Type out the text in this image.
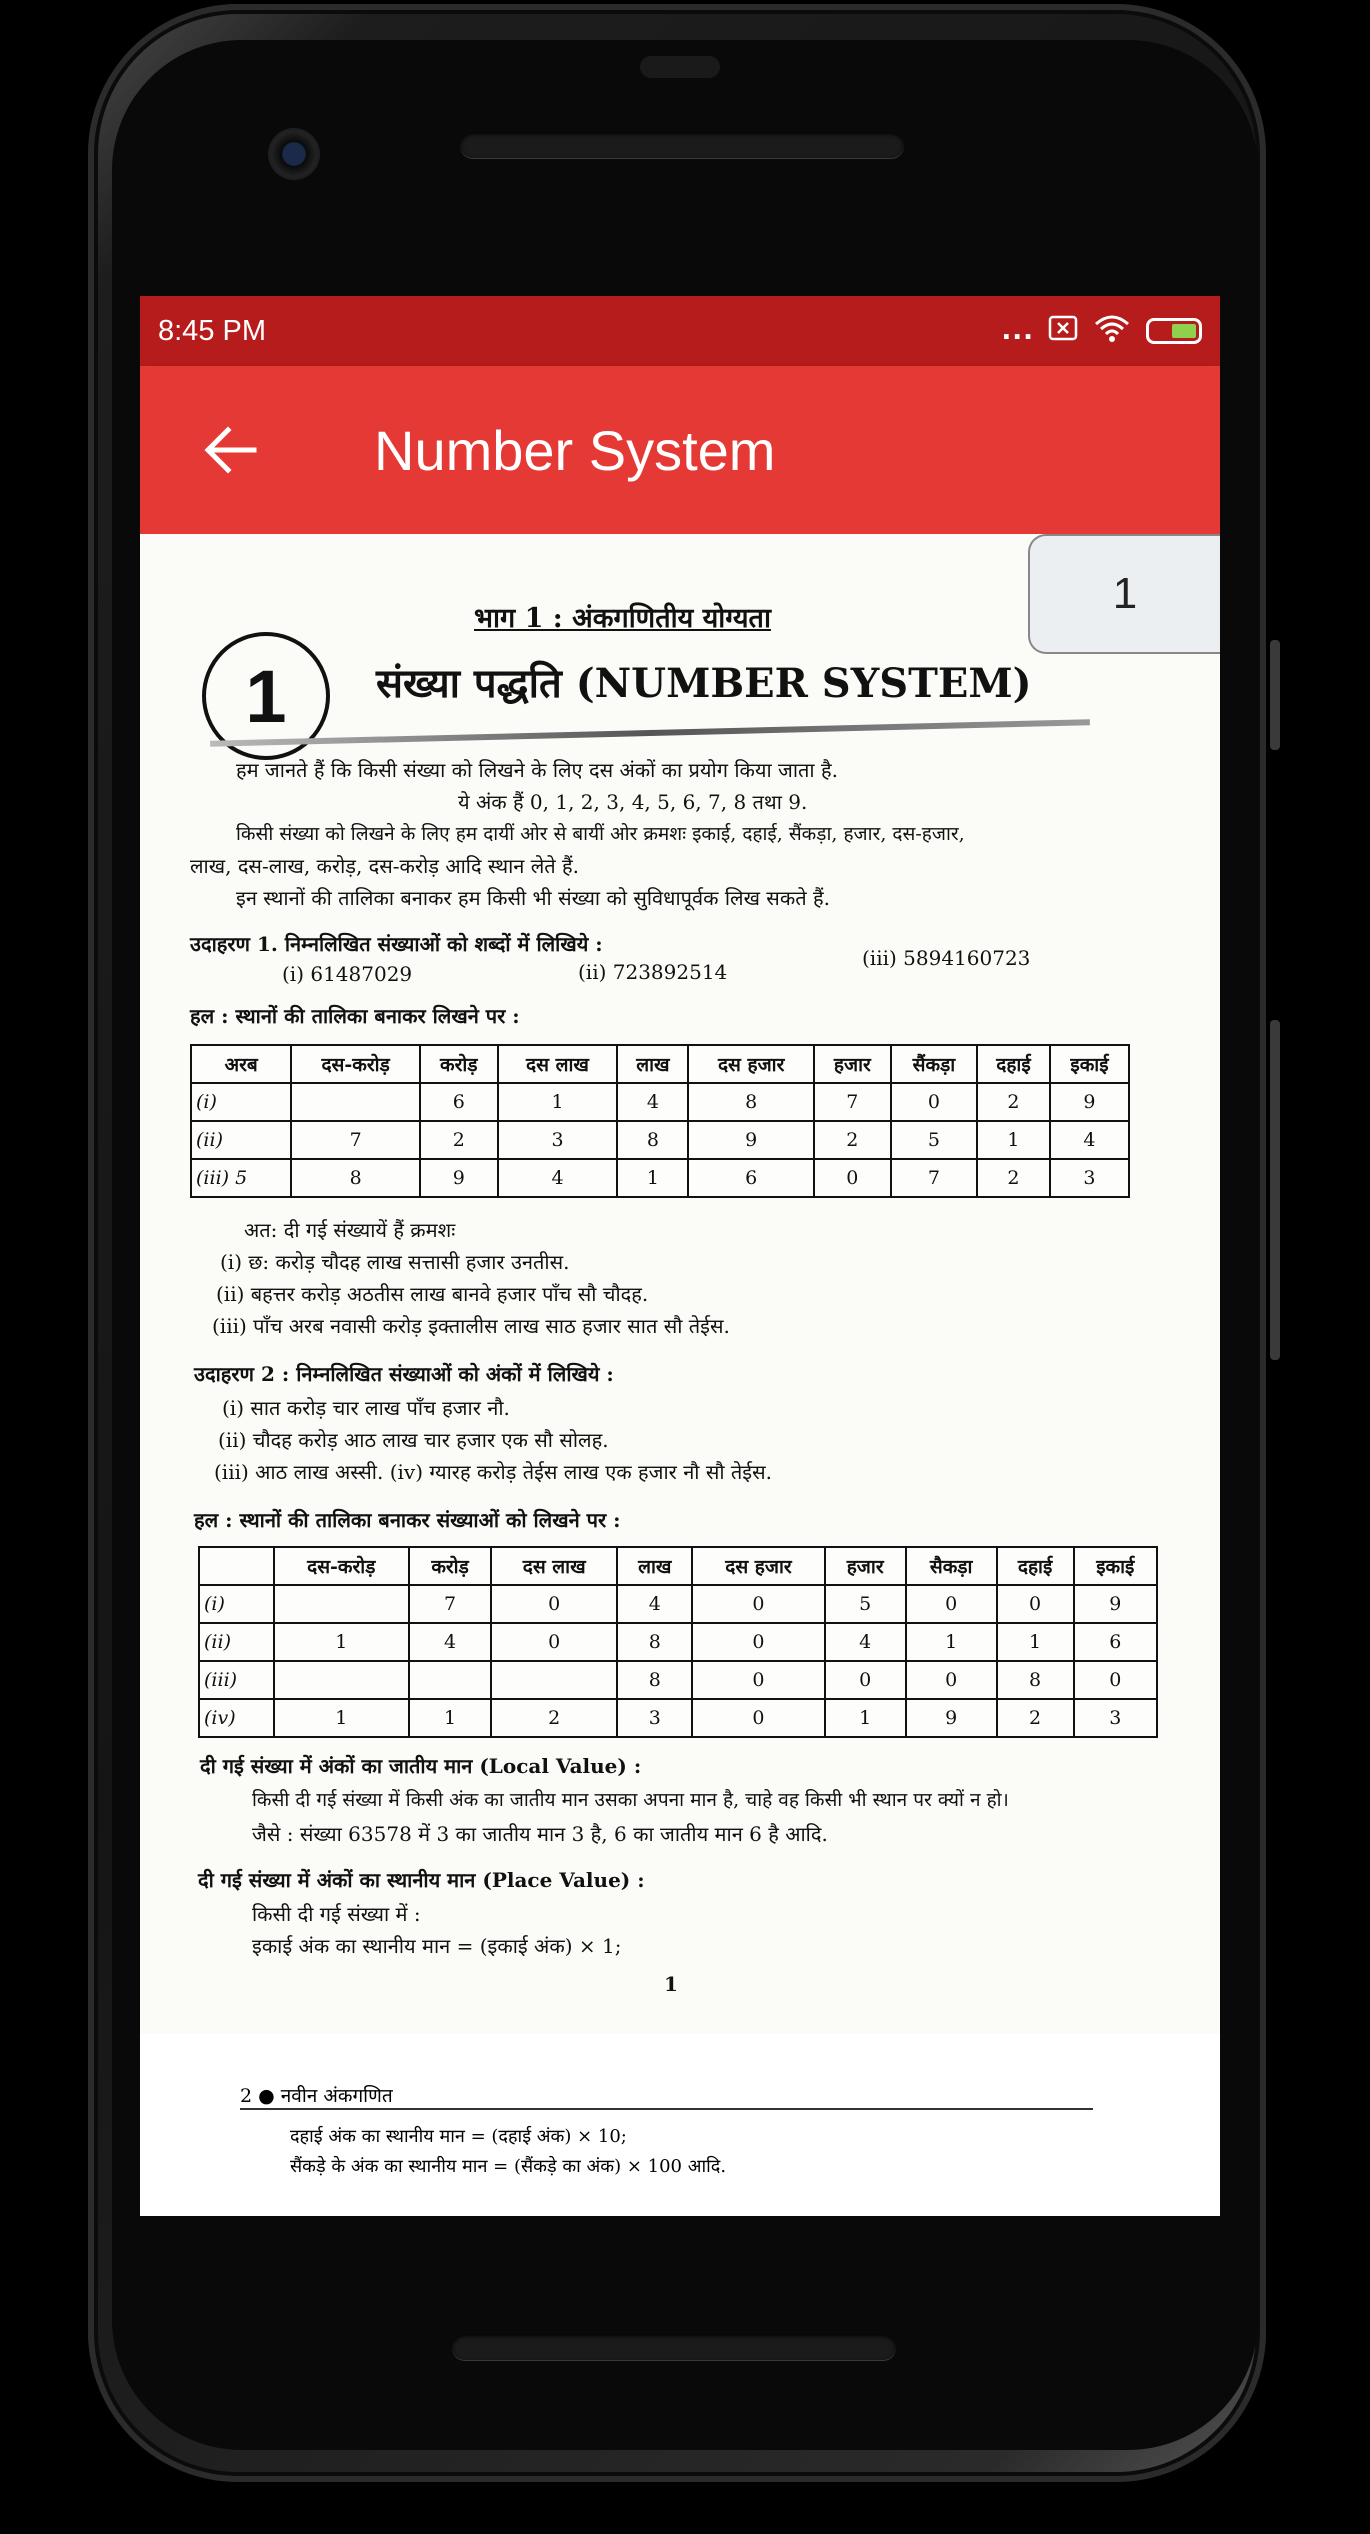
8:45 PM	...
Number System
1
भाग 1 : अंकगणितीय योग्यता
संख्या पद्धति (NUMBER SYSTEM)
हम जानते हैं कि किसी संख्या को लिखने के लिए दस अंकों का प्रयोग किया जाता है.
ये अंक हैं 0, 1, 2, 3, 4, 5, 6, 7, 8 तथा 9.
किसी संख्या को लिखने के लिए हम दायीं ओर से बायीं ओर क्रमशः इकाई, दहाई, सैंकड़ा, हजार, दस-हजार,
लाख, दस-लाख, करोड़, दस-करोड़ आदि स्थान लेते हैं.
इन स्थानों की तालिका बनाकर हम किसी भी संख्या को सुविधापूर्वक लिख सकते हैं.
उदाहरण 1. निम्नलिखित संख्याओं को शब्दों में लिखिये :
(i) 61487029	(ii) 723892514
(iii) 5894160723
हल : स्थानों की तालिका बनाकर लिखने पर :
अरब	दस-करोड़	करोड़	दस लाख	लाख	दस हजार	हजार	सैंकड़ा	दहाई	इकाई
(i)		6	1	4	8	7	0	2	9
(ii)	7	2	3	8	9	2	5	1	4
(iii) 5	8	9	4	1	6	0	7	2	3
अत: दी गई संख्यायें हैं क्रमशः
(i) छ: करोड़ चौदह लाख सत्तासी हजार उनतीस.
(ii) बहत्तर करोड़ अठतीस लाख बानवे हजार पाँच सौ चौदह.
(iii) पाँच अरब नवासी करोड़ इक्तालीस लाख साठ हजार सात सौ तेईस.
उदाहरण 2 : निम्नलिखित संख्याओं को अंकों में लिखिये :
(i) सात करोड़ चार लाख पाँच हजार नौ.
(ii) चौदह करोड़ आठ लाख चार हजार एक सौ सोलह.
(iii) आठ लाख अस्सी. (iv) ग्यारह करोड़ तेईस लाख एक हजार नौ सौ तेईस.
हल : स्थानों की तालिका बनाकर संख्याओं को लिखने पर :
	दस-करोड़	करोड़	दस लाख	लाख	दस हजार	हजार	सैकड़ा	दहाई	इकाई
(i)		7	0	4	0	5	0	0	9
(ii)	1	4	0	8	0	4	1	1	6
(iii)				8	0	0	0	8	0
(iv)	1	1	2	3	0	1	9	2	3
दी गई संख्या में अंकों का जातीय मान (Local Value) :
किसी दी गई संख्या में किसी अंक का जातीय मान उसका अपना मान है, चाहे वह किसी भी स्थान पर क्यों न हो।
जैसे : संख्या 63578 में 3 का जातीय मान 3 है, 6 का जातीय मान 6 है आदि.
दी गई संख्या में अंकों का स्थानीय मान (Place Value) :
किसी दी गई संख्या में :
इकाई अंक का स्थानीय मान = (इकाई अंक) × 1;
1
2 ● नवीन अंकगणित
दहाई अंक का स्थानीय मान = (दहाई अंक) × 10;
सैंकड़े के अंक का स्थानीय मान = (सैंकड़े का अंक) × 100 आदि.
1
